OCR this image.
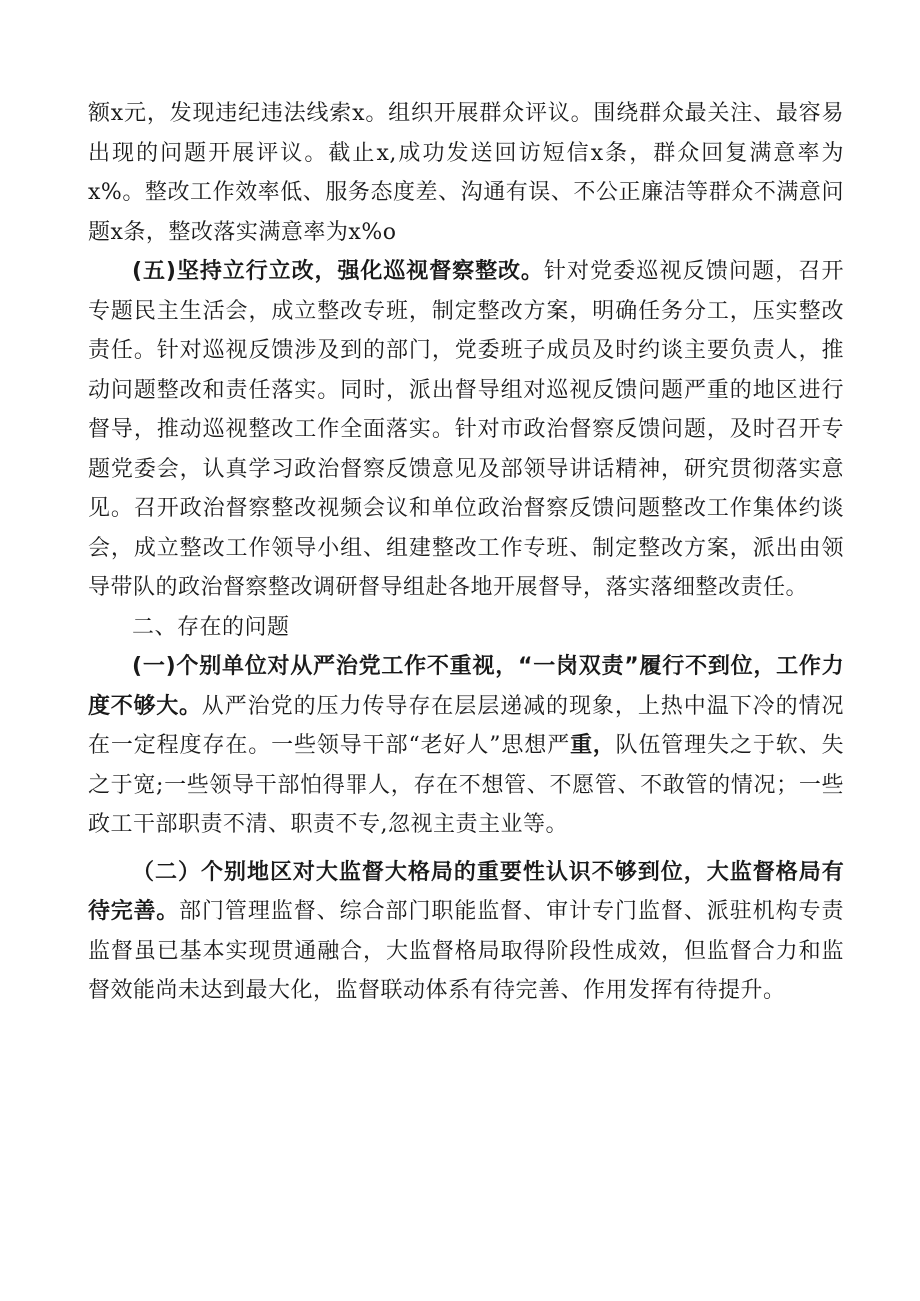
额x元，发现违纪违法线索x。组织开展群众评议。围绕群众最关注、最容易出现的问题开展评议。截止x,成功发送回访短信x条，群众回复满意率为x%。整改工作效率低、服务态度差、沟通有误、不公正廉洁等群众不满意问题x条，整改落实满意率为x%o

(五)坚持立行立改，强化巡视督察整改。针对党委巡视反馈问题，召开专题民主生活会，成立整改专班，制定整改方案，明确任务分工，压实整改责任。针对巡视反馈涉及到的部门，党委班子成员及时约谈主要负责人，推动问题整改和责任落实。同时，派出督导组对巡视反馈问题严重的地区进行督导，推动巡视整改工作全面落实。针对市政治督察反馈问题，及时召开专题党委会，认真学习政治督察反馈意见及部领导讲话精神，研究贯彻落实意见。召开政治督察整改视频会议和单位政治督察反馈问题整改工作集体约谈会，成立整改工作领导小组、组建整改工作专班、制定整改方案，派出由领导带队的政治督察整改调研督导组赴各地开展督导，落实落细整改责任。

二、存在的问题

(一)个别单位对从严治党工作不重视，“一岗双责”履行不到位，工作力度不够大。从严治党的压力传导存在层层递减的现象，上热中温下冷的情况在一定程度存在。一些领导干部“老好人”思想严重，队伍管理失之于软、失之于宽;一些领导干部怕得罪人，存在不想管、不愿管、不敢管的情况；一些政工干部职责不清、职责不专,忽视主责主业等。

（二）个别地区对大监督大格局的重要性认识不够到位，大监督格局有待完善。部门管理监督、综合部门职能监督、审计专门监督、派驻机构专责监督虽已基本实现贯通融合，大监督格局取得阶段性成效，但监督合力和监督效能尚未达到最大化，监督联动体系有待完善、作用发挥有待提升。
